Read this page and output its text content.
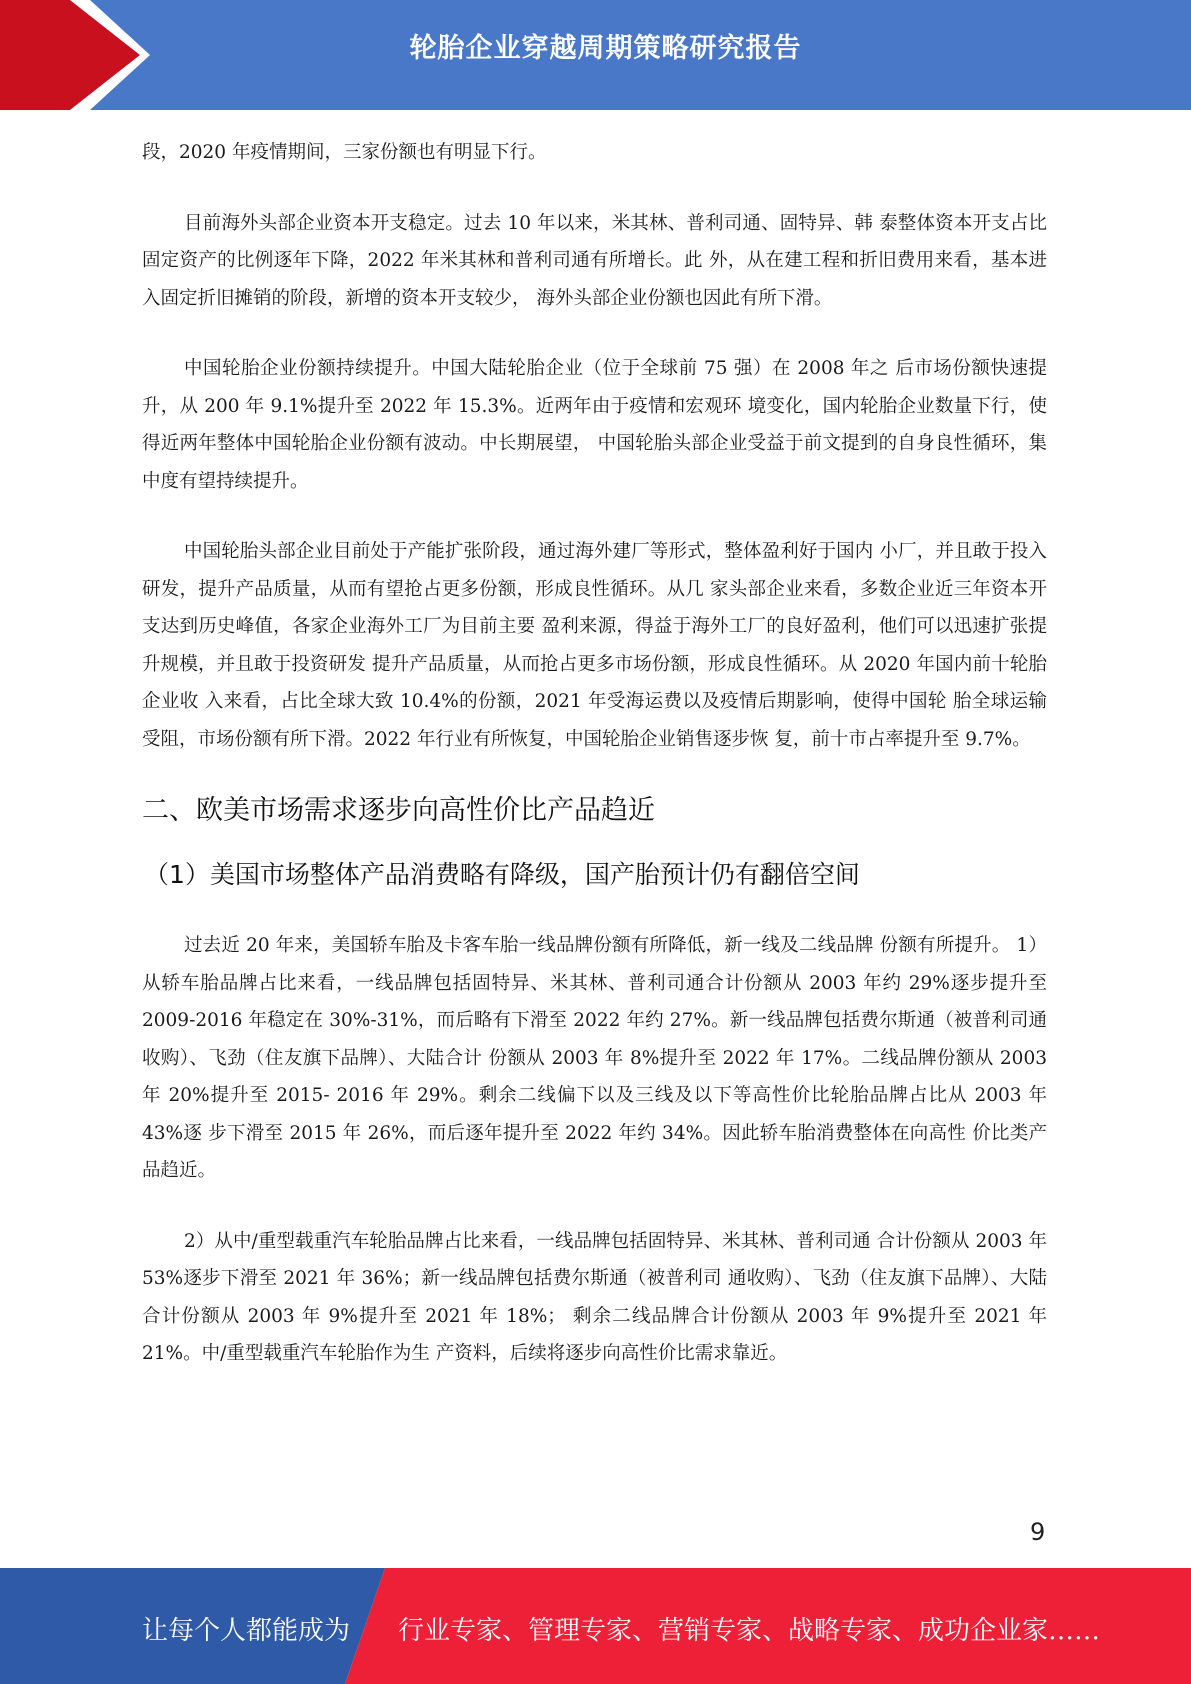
轮胎企业穿越周期策略研究报告

段，2020 年疫情期间，三家份额也有明显下行。

目前海外头部企业资本开支稳定。过去 10 年以来，米其林、普利司通、固特异、韩 泰整体资本开支占比固定资产的比例逐年下降，2022 年米其林和普利司通有所增长。此 外，从在建工程和折旧费用来看，基本进入固定折旧摊销的阶段，新增的资本开支较少， 海外头部企业份额也因此有所下滑。

中国轮胎企业份额持续提升。中国大陆轮胎企业（位于全球前 75 强）在 2008 年之 后市场份额快速提升，从 200 年 9.1%提升至 2022 年 15.3%。近两年由于疫情和宏观环 境变化，国内轮胎企业数量下行，使得近两年整体中国轮胎企业份额有波动。中长期展望， 中国轮胎头部企业受益于前文提到的自身良性循环，集中度有望持续提升。

中国轮胎头部企业目前处于产能扩张阶段，通过海外建厂等形式，整体盈利好于国内 小厂，并且敢于投入研发，提升产品质量，从而有望抢占更多份额，形成良性循环。从几 家头部企业来看，多数企业近三年资本开支达到历史峰值，各家企业海外工厂为目前主要 盈利来源，得益于海外工厂的良好盈利，他们可以迅速扩张提升规模，并且敢于投资研发 提升产品质量，从而抢占更多市场份额，形成良性循环。从 2020 年国内前十轮胎企业收 入来看，占比全球大致 10.4%的份额，2021 年受海运费以及疫情后期影响，使得中国轮 胎全球运输受阻，市场份额有所下滑。2022 年行业有所恢复，中国轮胎企业销售逐步恢 复，前十市占率提升至 9.7%。

二、欧美市场需求逐步向高性价比产品趋近
（1）美国市场整体产品消费略有降级，国产胎预计仍有翻倍空间

过去近 20 年来，美国轿车胎及卡客车胎一线品牌份额有所降低，新一线及二线品牌 份额有所提升。 1）从轿车胎品牌占比来看，一线品牌包括固特异、米其林、普利司通合计份额从 2003 年约 29%逐步提升至 2009-2016 年稳定在 30%-31%，而后略有下滑至 2022 年约 27%。新一线品牌包括费尔斯通（被普利司通收购）、飞劲（住友旗下品牌）、大陆合计 份额从 2003 年 8%提升至 2022 年 17%。二线品牌份额从 2003 年 20%提升至 2015- 2016 年 29%。剩余二线偏下以及三线及以下等高性价比轮胎品牌占比从 2003 年 43%逐 步下滑至 2015 年 26%，而后逐年提升至 2022 年约 34%。因此轿车胎消费整体在向高性 价比类产品趋近。

2）从中/重型载重汽车轮胎品牌占比来看，一线品牌包括固特异、米其林、普利司通 合计份额从 2003 年 53%逐步下滑至 2021 年 36%；新一线品牌包括费尔斯通（被普利司 通收购）、飞劲（住友旗下品牌）、大陆合计份额从 2003 年 9%提升至 2021 年 18%； 剩余二线品牌合计份额从 2003 年 9%提升至 2021 年 21%。中/重型载重汽车轮胎作为生 产资料，后续将逐步向高性价比需求靠近。

9
让每个人都能成为 行业专家、管理专家、营销专家、战略专家、成功企业家……
